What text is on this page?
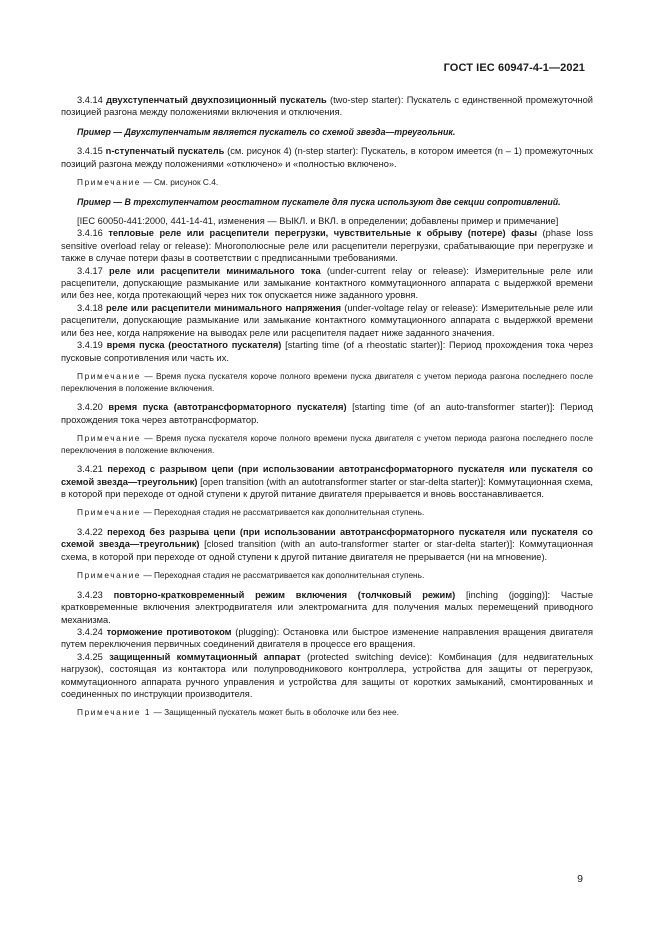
ГОСТ IEC 60947-4-1—2021

3.4.14 двухступенчатый двухпозиционный пускатель (two-step starter): Пускатель с единственной промежуточной позицией разгона между положениями включения и отключения.

Пример — Двухступенчатым является пускатель со схемой звезда—треугольник.

3.4.15 n-ступенчатый пускатель (см. рисунок 4) (n-step starter): Пускатель, в котором имеется (n – 1) промежуточных позиций разгона между положениями «отключено» и «полностью включено».

Примечание — См. рисунок C.4.

Пример — В трехступенчатом реостатном пускателе для пуска используют две секции сопротивлений.

[IEC 60050-441:2000, 441-14-41, изменения — ВЫКЛ. и ВКЛ. в определении; добавлены пример и примечание]

3.4.16 тепловые реле или расцепители перегрузки, чувствительные к обрыву (потере) фазы (phase loss sensitive overload relay or release): Многополюсные реле или расцепители перегрузки, срабатывающие при перегрузке и также в случае потери фазы в соответствии с предписанными требованиями.

3.4.17 реле или расцепители минимального тока (under-current relay or release): Измерительные реле или расцепители, допускающие размыкание или замыкание контактного коммутационного аппарата с выдержкой времени или без нее, когда протекающий через них ток опускается ниже заданного уровня.

3.4.18 реле или расцепители минимального напряжения (under-voltage relay or release): Измерительные реле или расцепители, допускающие размыкание или замыкание контактного коммутационного аппарата с выдержкой времени или без нее, когда напряжение на выводах реле или расцепителя падает ниже заданного значения.

3.4.19 время пуска (реостатного пускателя) [starting time (of a rheostatic starter)]: Период прохождения тока через пусковые сопротивления или часть их.

Примечание — Время пуска пускателя короче полного времени пуска двигателя с учетом периода разгона последнего после переключения в положение включения.

3.4.20 время пуска (автотрансформаторного пускателя) [starting time (of an auto-transformer starter)]: Период прохождения тока через автотрансформатор.

Примечание — Время пуска пускателя короче полного времени пуска двигателя с учетом периода разгона последнего после переключения в положение включения.

3.4.21 переход с разрывом цепи (при использовании автотрансформаторного пускателя или пускателя со схемой звезда—треугольник) [open transition (with an autotransformer starter or star-delta starter)]: Коммутационная схема, в которой при переходе от одной ступени к другой питание двигателя прерывается и вновь восстанавливается.

Примечание — Переходная стадия не рассматривается как дополнительная ступень.

3.4.22 переход без разрыва цепи (при использовании автотрансформаторного пускателя или пускателя со схемой звезда—треугольник) [closed transition (with an auto-transformer starter or star-delta starter)]: Коммутационная схема, в которой при переходе от одной ступени к другой питание двигателя не прерывается (ни на мгновение).

Примечание — Переходная стадия не рассматривается как дополнительная ступень.

3.4.23 повторно-кратковременный режим включения (толчковый режим) [inching (jogging)]: Частые кратковременные включения электродвигателя или электромагнита для получения малых перемещений приводного механизма.

3.4.24 торможение противотоком (plugging): Остановка или быстрое изменение направления вращения двигателя путем переключения первичных соединений двигателя в процессе его вращения.

3.4.25 защищенный коммутационный аппарат (protected switching device): Комбинация (для недвигательных нагрузок), состоящая из контактора или полупроводникового контроллера, устройства для защиты от перегрузок, коммутационного аппарата ручного управления и устройства для защиты от коротких замыканий, смонтированных и соединенных по инструкции производителя.

Примечание 1 — Защищенный пускатель может быть в оболочке или без нее.

9
